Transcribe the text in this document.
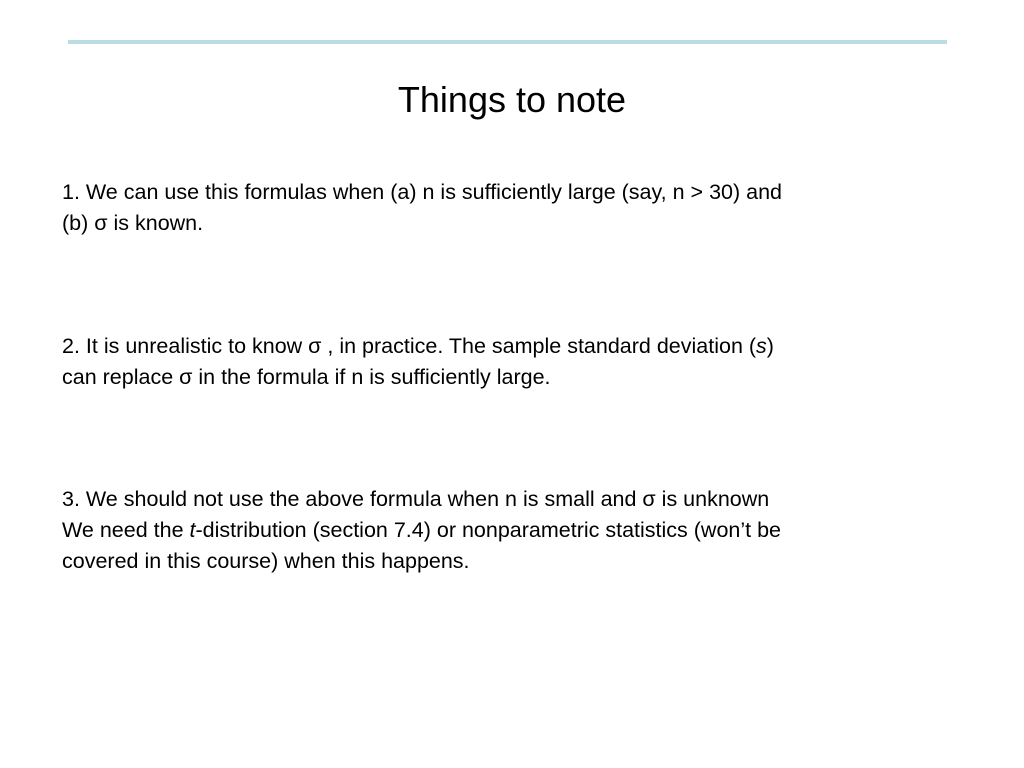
Things to note

1. We can use this formulas when (a) n is sufficiently large (say, n > 30) and
(b) σ is known.

2. It is unrealistic to know σ , in practice. The sample standard deviation (s)
can replace σ in the formula if n is sufficiently large.

3. We should not use the above formula when n is small and σ is unknown
We need the t-distribution (section 7.4) or nonparametric statistics (won’t be
covered in this course) when this happens.
